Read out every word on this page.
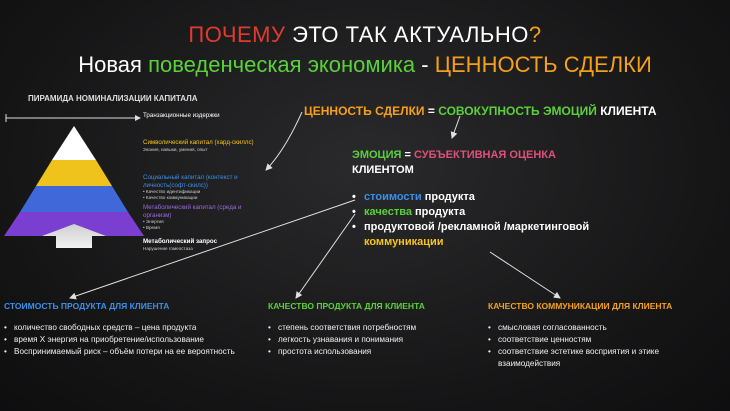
ПОЧЕМУ ЭТО ТАК АКТУАЛЬНО?
Новая поведенческая экономика - ЦЕННОСТЬ СДЕЛКИ
ПИРАМИДА НОМИНАЛИЗАЦИИ КАПИТАЛА
Транзакционные издержки
Символический капитал (хард-скиллс)
Знания, навыки, умения, опыт
Социальный капитал (контекст и личность(софт-скилс))
• Качество идентификации
• Качество коммуникации
Метаболический капитал (среда и организм)
• Энергия
• Время
Метаболический запрос
Нарушение гомеостаза
ЦЕННОСТЬ СДЕЛКИ = СОВОКУПНОСТЬ ЭМОЦИЙ КЛИЕНТА
ЭМОЦИЯ = СУБЪЕКТИВНАЯ ОЦЕНКА
КЛИЕНТОМ
• стоимости продукта
• качества продукта
• продуктовой /рекламной /маркетинговой
коммуникации
СТОИМОСТЬ ПРОДУКТА ДЛЯ КЛИЕНТА
• количество свободных средств – цена продукта
• время X энергия на приобретение/использование
• Воспринимаемый риск – объём потери на ее вероятность
КАЧЕСТВО ПРОДУКТА ДЛЯ КЛИЕНТА
• степень соответствия потребностям
• легкость узнавания и понимания
• простота использования
КАЧЕСТВО КОММУНИКАЦИИ ДЛЯ КЛИЕНТА
• смысловая согласованность
• соответствие ценностям
• соответствие эстетике восприятия и этике взаимодействия
